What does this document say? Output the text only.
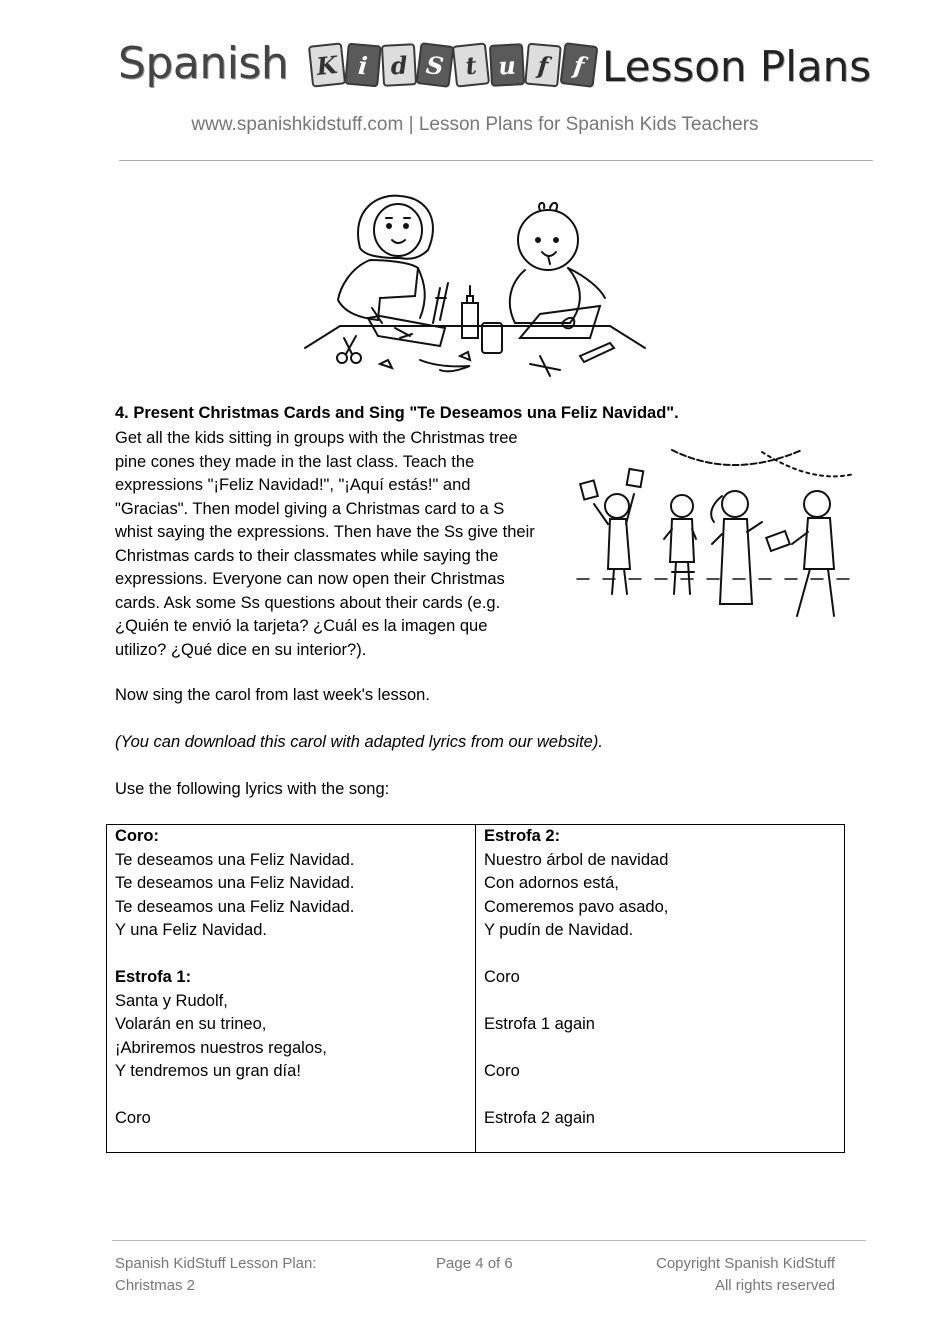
Spanish	K i d S t u f f Lesson Plans
www.spanishkidstuff.com | Lesson Plans for Spanish Kids Teachers
4. Present Christmas Cards and Sing "Te Deseamos una Feliz Navidad".
Get all the kids sitting in groups with the Christmas tree
pine cones they made in the last class. Teach the
expressions "¡Feliz Navidad!", "¡Aquí estás!" and
"Gracias". Then model giving a Christmas card to a S
whist saying the expressions. Then have the Ss give their
Christmas cards to their classmates while saying the
expressions. Everyone can now open their Christmas
cards. Ask some Ss questions about their cards (e.g.
¿Quién te envió la tarjeta? ¿Cuál es la imagen que
utilizo? ¿Qué dice en su interior?).
Now sing the carol from last week's lesson.
(You can download this carol with adapted lyrics from our website).
Use the following lyrics with the song:
Coro:
Te deseamos una Feliz Navidad.
Te deseamos una Feliz Navidad.
Te deseamos una Feliz Navidad.
Y una Feliz Navidad.
Estrofa 1:
Santa y Rudolf,
Volarán en su trineo,
¡Abriremos nuestros regalos,
Y tendremos un gran día!
Coro

Estrofa 2:
Nuestro árbol de navidad
Con adornos está,
Comeremos pavo asado,
Y pudín de Navidad.
Coro
Estrofa 1 again
Coro
Estrofa 2 again
Spanish KidStuff Lesson Plan:
Christmas 2
Page 4 of 6	Copyright Spanish KidStuff
All rights reserved
